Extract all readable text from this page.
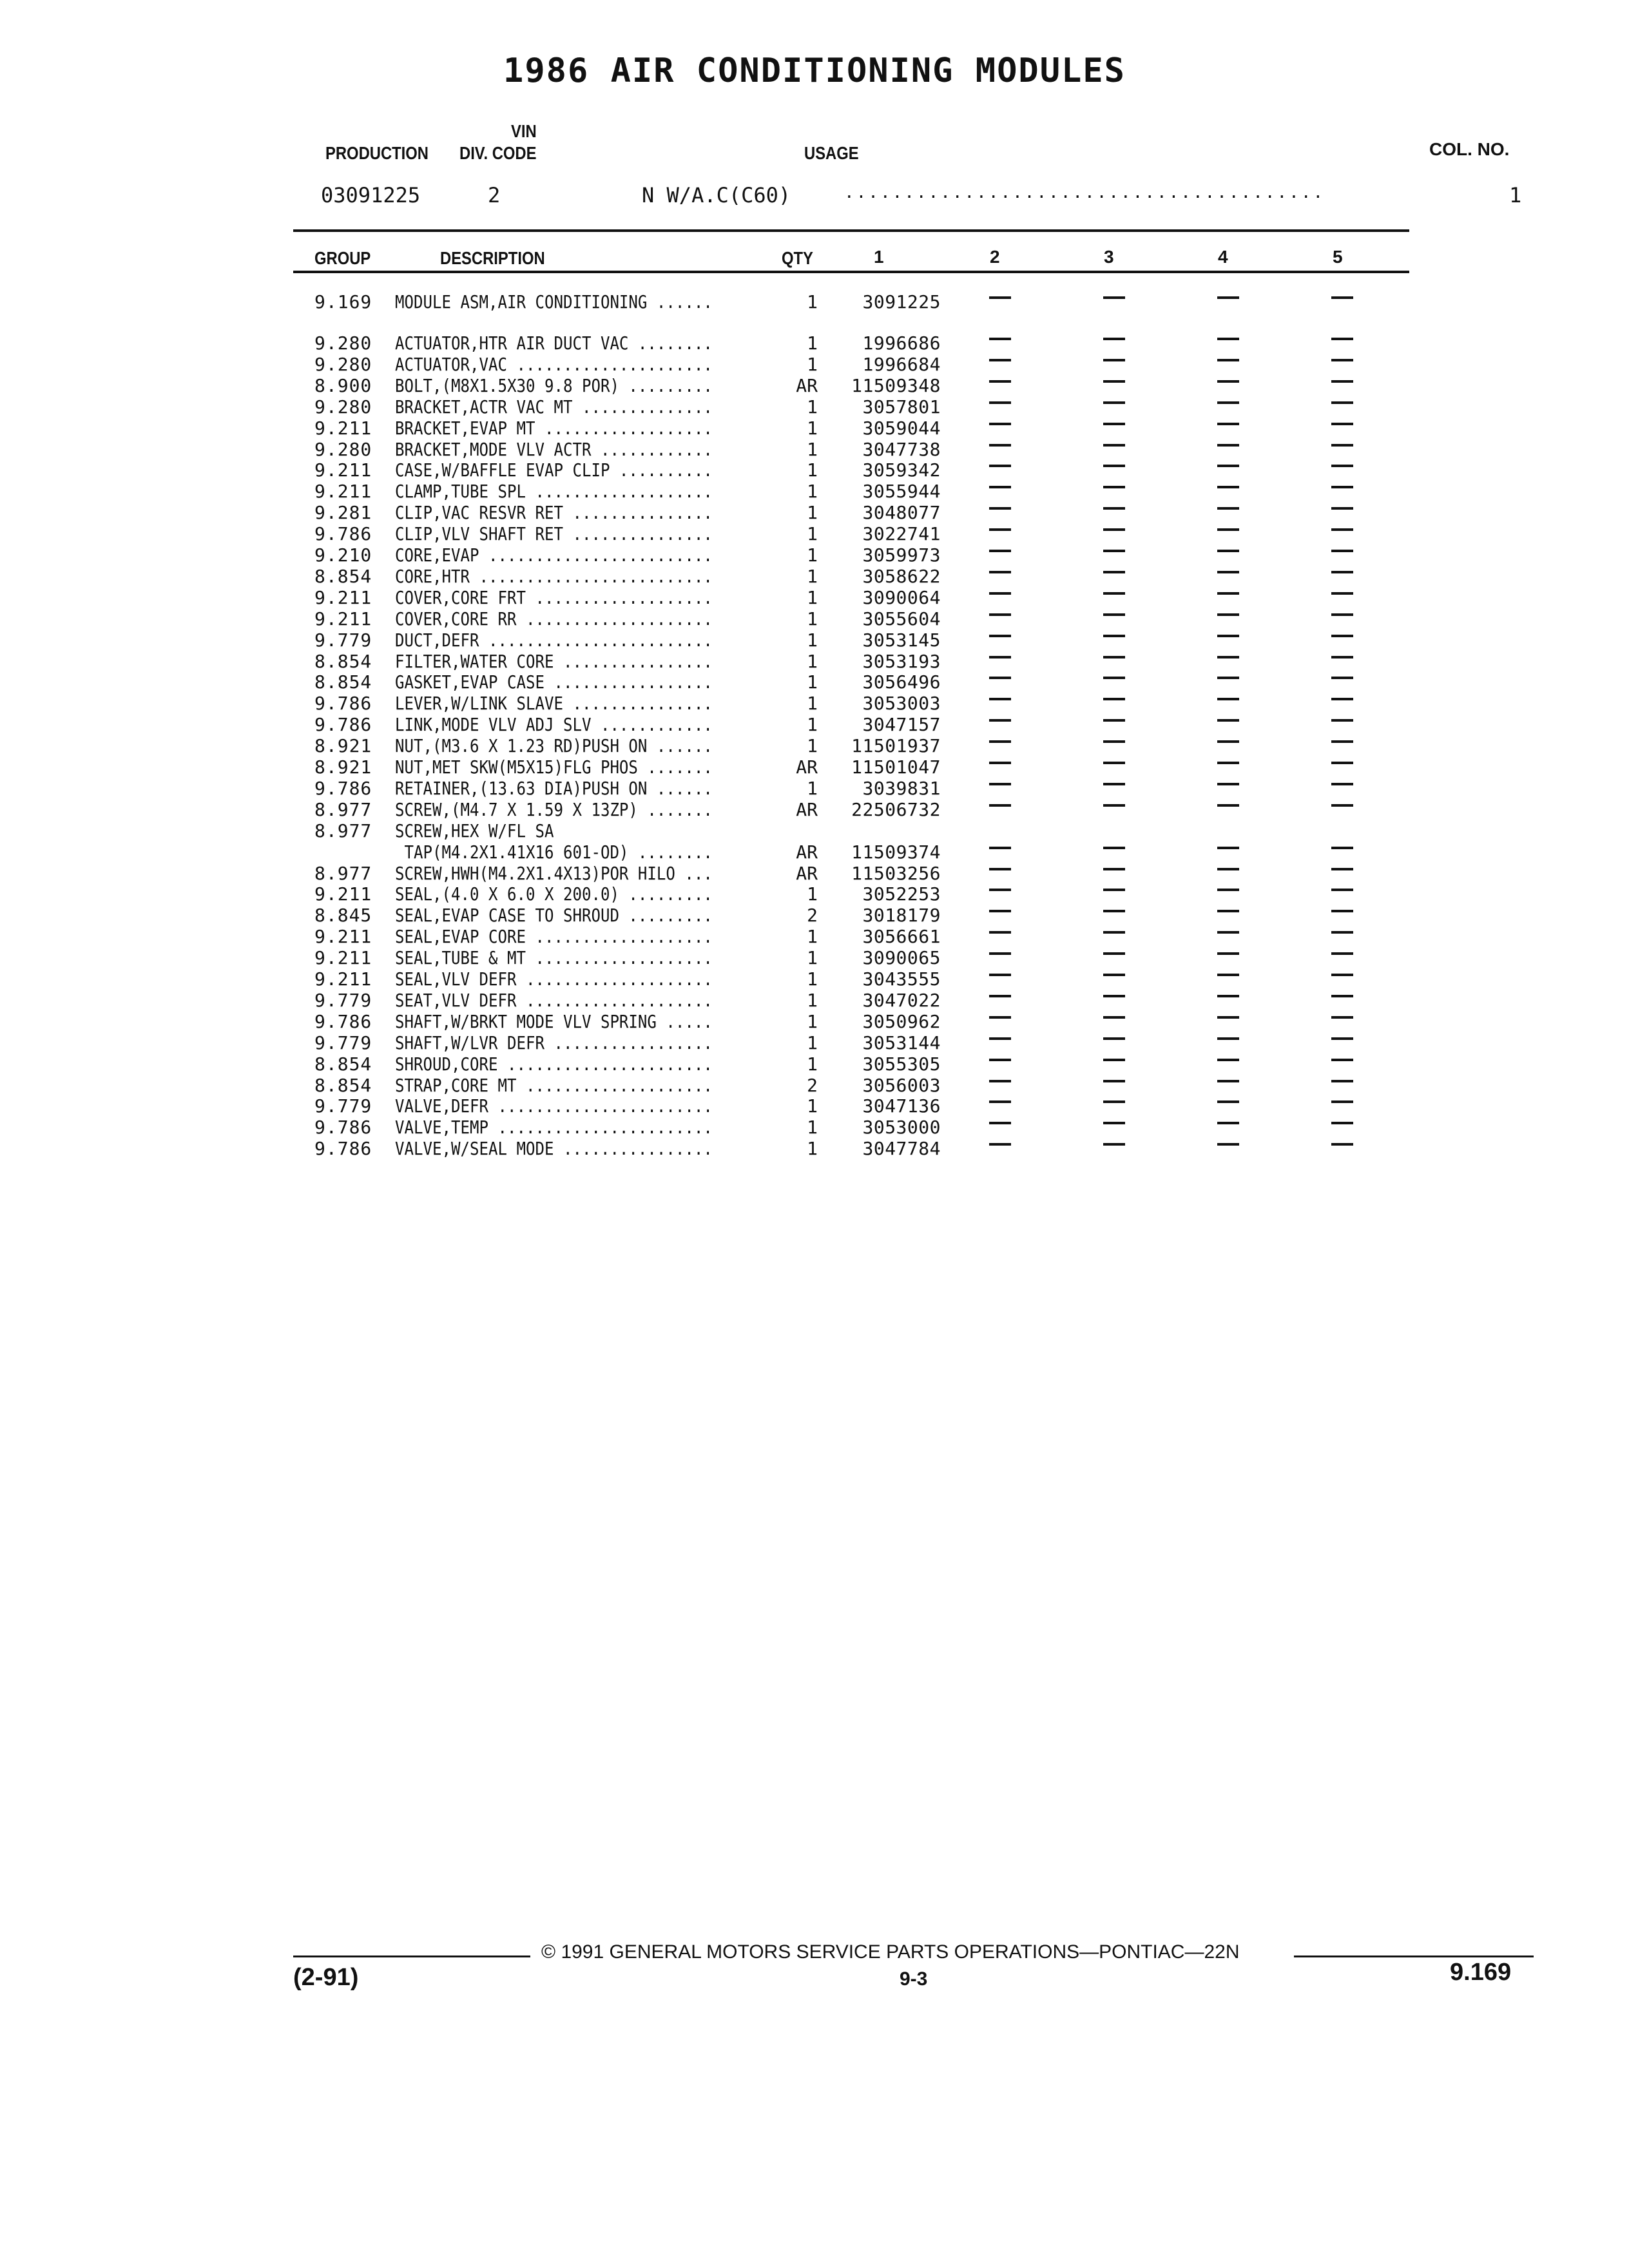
1986 AIR CONDITIONING MODULES
VIN
PRODUCTION DIV. CODE	USAGE	COL. NO.
03091225	2	N W/A.C(C60)	........................................	1
GROUP	DESCRIPTION	QTY	1	2	3	4	5
9.169 MODULE ASM,AIR CONDITIONING ......	1	3091225
9.280 ACTUATOR,HTR AIR DUCT VAC ........	1	1996686
9.280 ACTUATOR,VAC .....................	1	1996684
8.900 BOLT,(M8X1.5X30 9.8 POR) .........	AR	11509348
9.280 BRACKET,ACTR VAC MT ..............	1	3057801
9.211 BRACKET,EVAP MT ..................	1	3059044
9.280 BRACKET,MODE VLV ACTR ............	1	3047738
9.211 CASE,W/BAFFLE EVAP CLIP ..........	1	3059342
9.211 CLAMP,TUBE SPL ...................	1	3055944
9.281 CLIP,VAC RESVR RET ...............	1	3048077
9.786 CLIP,VLV SHAFT RET ...............	1	3022741
9.210 CORE,EVAP ........................	1	3059973
8.854 CORE,HTR .........................	1	3058622
9.211 COVER,CORE FRT ...................	1	3090064
9.211 COVER,CORE RR ....................	1	3055604
9.779 DUCT,DEFR ........................	1	3053145
8.854 FILTER,WATER CORE ................	1	3053193
8.854 GASKET,EVAP CASE .................	1	3056496
9.786 LEVER,W/LINK SLAVE ...............	1	3053003
9.786 LINK,MODE VLV ADJ SLV ............	1	3047157
8.921 NUT,(M3.6 X 1.23 RD)PUSH ON ......	1	11501937
8.921 NUT,MET SKW(M5X15)FLG PHOS .......	AR	11501047
9.786 RETAINER,(13.63 DIA)PUSH ON ......	1	3039831
8.977 SCREW,(M4.7 X 1.59 X 13ZP) .......	AR	22506732
8.977 SCREW,HEX W/FL SA
TAP(M4.2X1.41X16 601-OD) ........	AR	11509374
8.977 SCREW,HWH(M4.2X1.4X13)POR HILO ...	AR	11503256
9.211 SEAL,(4.0 X 6.0 X 200.0) .........	1	3052253
8.845 SEAL,EVAP CASE TO SHROUD .........	2	3018179
9.211 SEAL,EVAP CORE ...................	1	3056661
9.211 SEAL,TUBE & MT ...................	1	3090065
9.211 SEAL,VLV DEFR ....................	1	3043555
9.779 SEAT,VLV DEFR ....................	1	3047022
9.786 SHAFT,W/BRKT MODE VLV SPRING .....	1	3050962
9.779 SHAFT,W/LVR DEFR .................	1	3053144
8.854 SHROUD,CORE ......................	1	3055305
8.854 STRAP,CORE MT ....................	2	3056003
9.779 VALVE,DEFR .......................	1	3047136
9.786 VALVE,TEMP .......................	1	3053000
9.786 VALVE,W/SEAL MODE ................	1	3047784
© 1991 GENERAL MOTORS SERVICE PARTS OPERATIONS—PONTIAC—22N
(2-91)	9-3	9.169
